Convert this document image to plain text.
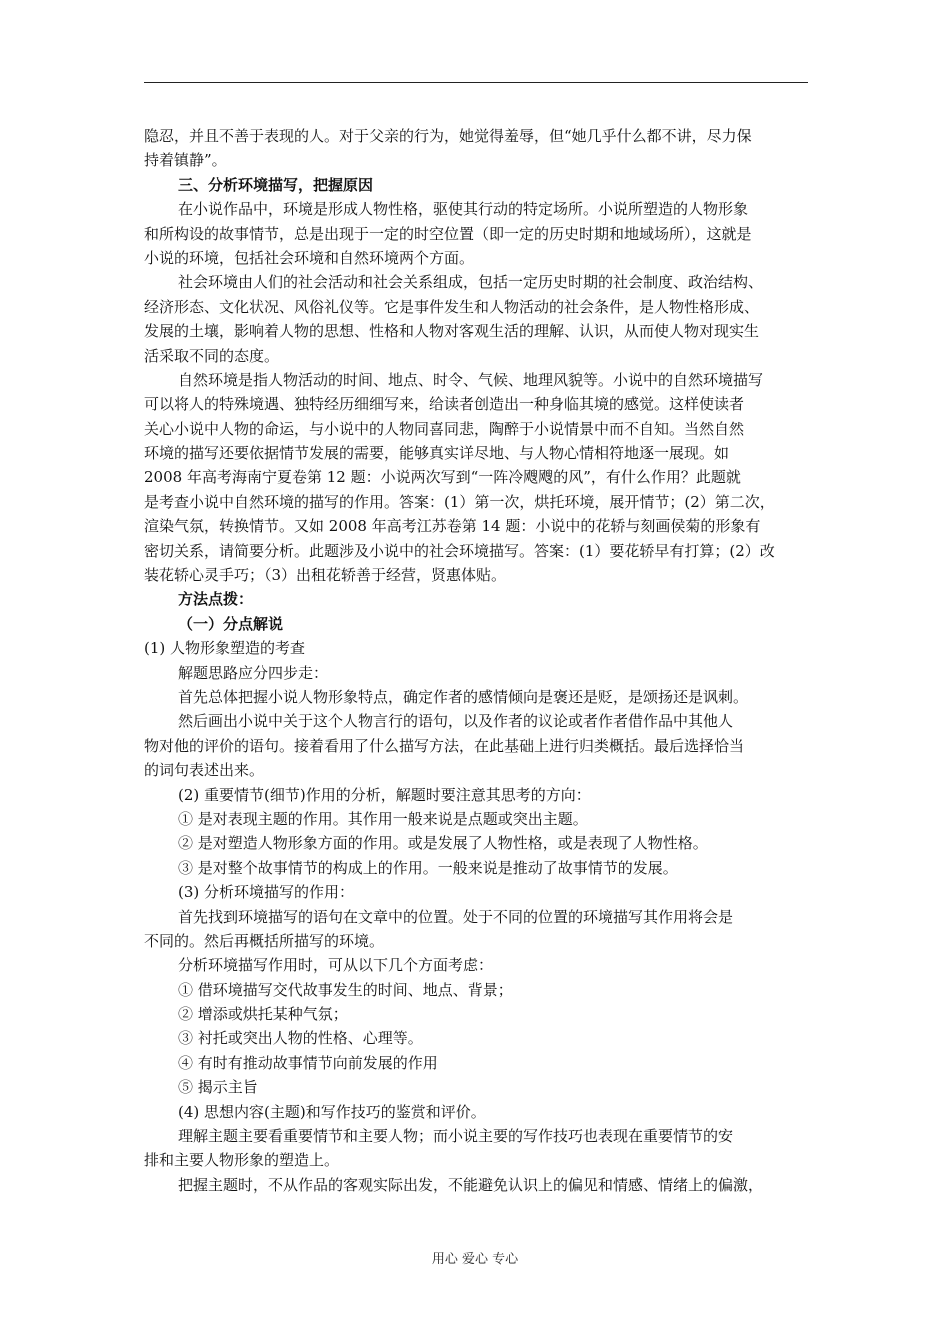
隐忍，并且不善于表现的人。对于父亲的行为，她觉得羞辱，但“她几乎什么都不讲，尽力保
持着镇静”。
三、分析环境描写，把握原因
在小说作品中，环境是形成人物性格，驱使其行动的特定场所。小说所塑造的人物形象
和所构设的故事情节，总是出现于一定的时空位置（即一定的历史时期和地域场所），这就是
小说的环境，包括社会环境和自然环境两个方面。
社会环境由人们的社会活动和社会关系组成，包括一定历史时期的社会制度、政治结构、
经济形态、文化状况、风俗礼仪等。它是事件发生和人物活动的社会条件，是人物性格形成、
发展的土壤，影响着人物的思想、性格和人物对客观生活的理解、认识，从而使人物对现实生
活采取不同的态度。
自然环境是指人物活动的时间、地点、时令、气候、地理风貌等。小说中的自然环境描写
可以将人的特殊境遇、独特经历细细写来，给读者创造出一种身临其境的感觉。这样使读者
关心小说中人物的命运，与小说中的人物同喜同悲，陶醉于小说情景中而不自知。当然自然
环境的描写还要依据情节发展的需要，能够真实详尽地、与人物心情相符地逐一展现。如
2008 年高考海南宁夏卷第 12 题：小说两次写到“一阵冷飕飕的风”，有什么作用？此题就
是考查小说中自然环境的描写的作用。答案：(1）第一次，烘托环境，展开情节；(2）第二次，
渲染气氛，转换情节。又如 2008 年高考江苏卷第 14 题：小说中的花轿与刻画侯菊的形象有
密切关系，请简要分析。此题涉及小说中的社会环境描写。答案：(1）要花轿早有打算；(2）改
装花轿心灵手巧；（3）出租花轿善于经营，贤惠体贴。
方法点拨：
（一）分点解说
(1) 人物形象塑造的考查
解题思路应分四步走：
首先总体把握小说人物形象特点，确定作者的感情倾向是褒还是贬，是颂扬还是讽刺。
然后画出小说中关于这个人物言行的语句，以及作者的议论或者作者借作品中其他人
物对他的评价的语句。接着看用了什么描写方法，在此基础上进行归类概括。最后选择恰当
的词句表述出来。
(2) 重要情节(细节)作用的分析，解题时要注意其思考的方向：
① 是对表现主题的作用。其作用一般来说是点题或突出主题。
② 是对塑造人物形象方面的作用。或是发展了人物性格，或是表现了人物性格。
③ 是对整个故事情节的构成上的作用。一般来说是推动了故事情节的发展。
(3) 分析环境描写的作用：
首先找到环境描写的语句在文章中的位置。处于不同的位置的环境描写其作用将会是
不同的。然后再概括所描写的环境。
分析环境描写作用时，可从以下几个方面考虑：
① 借环境描写交代故事发生的时间、地点、背景；
② 增添或烘托某种气氛；
③ 衬托或突出人物的性格、心理等。
④ 有时有推动故事情节向前发展的作用
⑤ 揭示主旨
(4) 思想内容(主题)和写作技巧的鉴赏和评价。
理解主题主要看重要情节和主要人物；而小说主要的写作技巧也表现在重要情节的安
排和主要人物形象的塑造上。
把握主题时，不从作品的客观实际出发，不能避免认识上的偏见和情感、情绪上的偏激，
用心 爱心 专心
